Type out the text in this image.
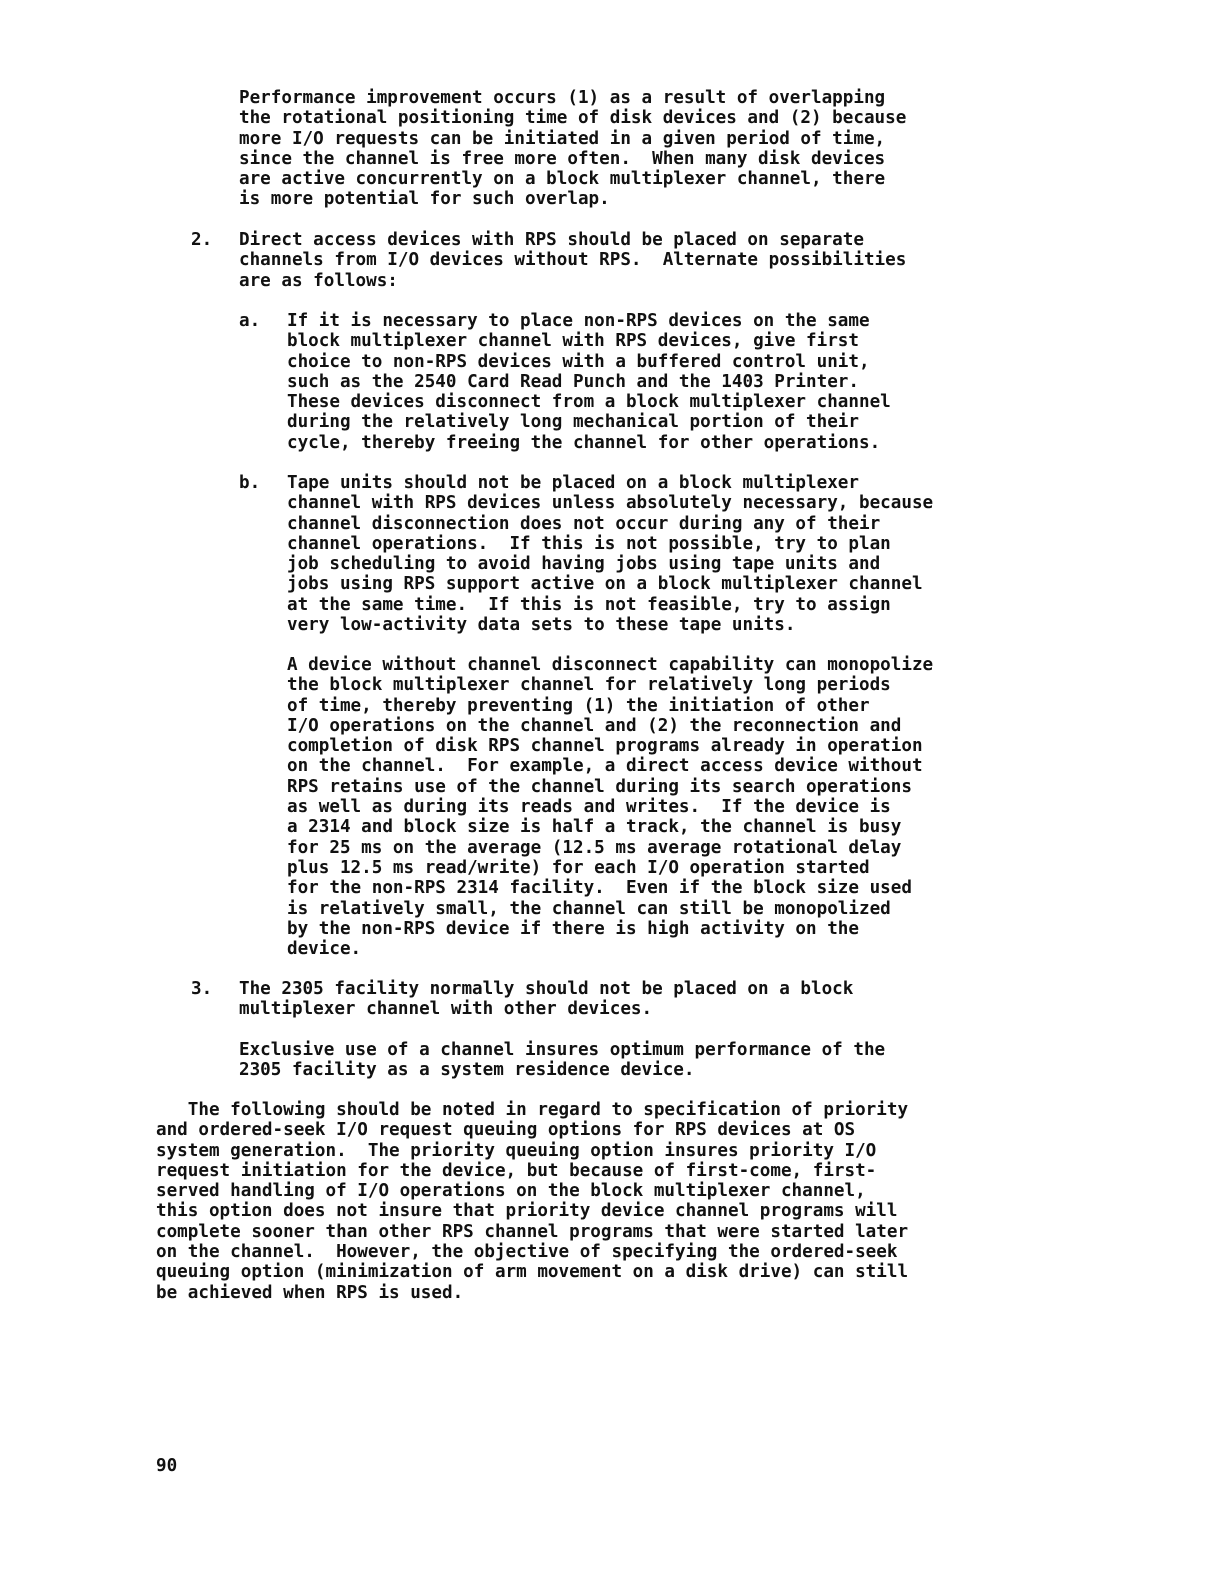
Performance improvement occurs (1) as a result of overlapping
the rotational positioning time of disk devices and (2) because
more I/O requests can be initiated in a given period of time,
since the channel is free more often.  When many disk devices
are active concurrently on a block multiplexer channel, there
is more potential for such overlap.

2. Direct access devices with RPS should be placed on separate
channels from I/O devices without RPS.  Alternate possibilities
are as follows:

a. If it is necessary to place non-RPS devices on the same
block multiplexer channel with RPS devices, give first
choice to non-RPS devices with a buffered control unit,
such as the 2540 Card Read Punch and the 1403 Printer.
These devices disconnect from a block multiplexer channel
during the relatively long mechanical portion of their
cycle, thereby freeing the channel for other operations.

b. Tape units should not be placed on a block multiplexer
channel with RPS devices unless absolutely necessary, because
channel disconnection does not occur during any of their
channel operations.  If this is not possible, try to plan
job scheduling to avoid having jobs using tape units and
jobs using RPS support active on a block multiplexer channel
at the same time.  If this is not feasible, try to assign
very low-activity data sets to these tape units.

A device without channel disconnect capability can monopolize
the block multiplexer channel for relatively long periods
of time, thereby preventing (1) the initiation of other
I/O operations on the channel and (2) the reconnection and
completion of disk RPS channel programs already in operation
on the channel.  For example, a direct access device without
RPS retains use of the channel during its search operations
as well as during its reads and writes.  If the device is
a 2314 and block size is half a track, the channel is busy
for 25 ms on the average (12.5 ms average rotational delay
plus 12.5 ms read/write) for each I/O operation started
for the non-RPS 2314 facility.  Even if the block size used
is relatively small, the channel can still be monopolized
by the non-RPS device if there is high activity on the
device.

3. The 2305 facility normally should not be placed on a block
multiplexer channel with other devices.

Exclusive use of a channel insures optimum performance of the
2305 facility as a system residence device.

The following should be noted in regard to specification of priority
and ordered-seek I/O request queuing options for RPS devices at OS
system generation.  The priority queuing option insures priority I/O
request initiation for the device, but because of first-come, first-
served handling of I/O operations on the block multiplexer channel,
this option does not insure that priority device channel programs will
complete sooner than other RPS channel programs that were started later
on the channel.  However, the objective of specifying the ordered-seek
queuing option (minimization of arm movement on a disk drive) can still
be achieved when RPS is used.

90
